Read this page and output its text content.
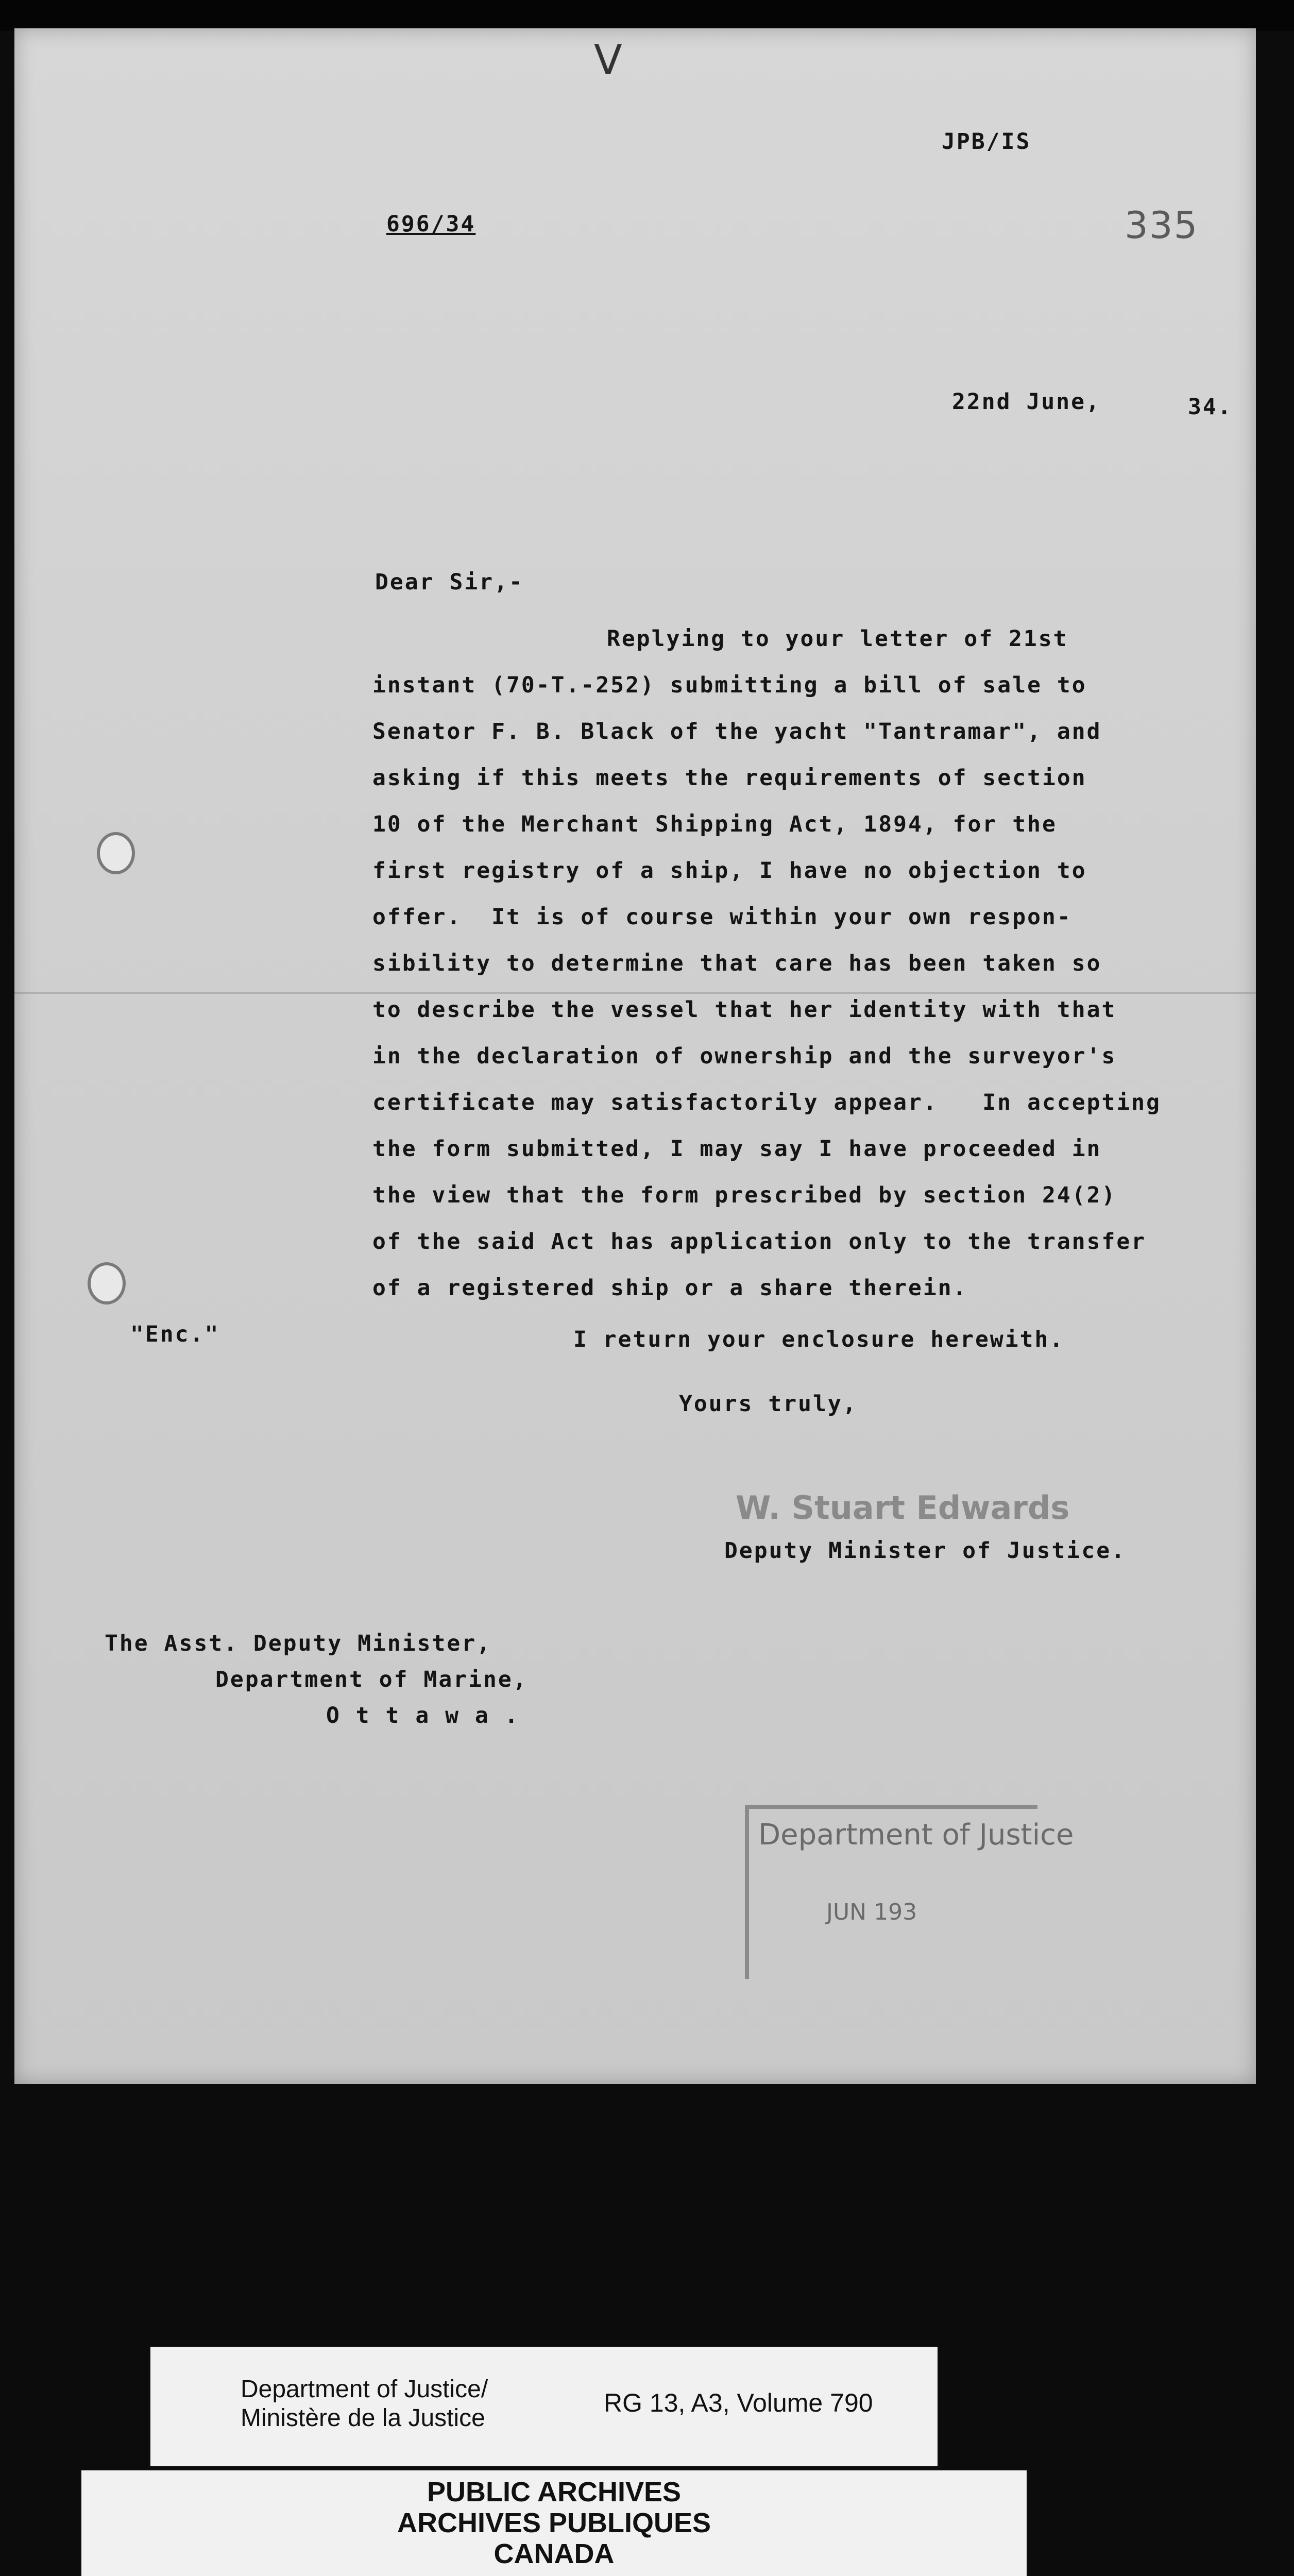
V
JPB/IS
696/34	335
22nd June,	34.
Dear Sir,-
Replying to your letter of 21st
instant (70-T.-252) submitting a bill of sale to
Senator F. B. Black of the yacht "Tantramar", and
asking if this meets the requirements of section
10 of the Merchant Shipping Act, 1894, for the
first registry of a ship, I have no objection to
offer.  It is of course within your own respon-
sibility to determine that care has been taken so
to describe the vessel that her identity with that
in the declaration of ownership and the surveyor's
certificate may satisfactorily appear.   In accepting
the form submitted, I may say I have proceeded in
the view that the form prescribed by section 24(2)
of the said Act has application only to the transfer
of a registered ship or a share therein.
I return your enclosure herewith.
"Enc."
Yours truly,
W. Stuart Edwards
Deputy Minister of Justice.
The Asst. Deputy Minister,
Department of Marine,
O t t a w a .
Department of Justice
JUN 193
Department of Justice/
Ministère de la Justice
RG 13, A3, Volume 790
PUBLIC ARCHIVES
ARCHIVES PUBLIQUES
CANADA
